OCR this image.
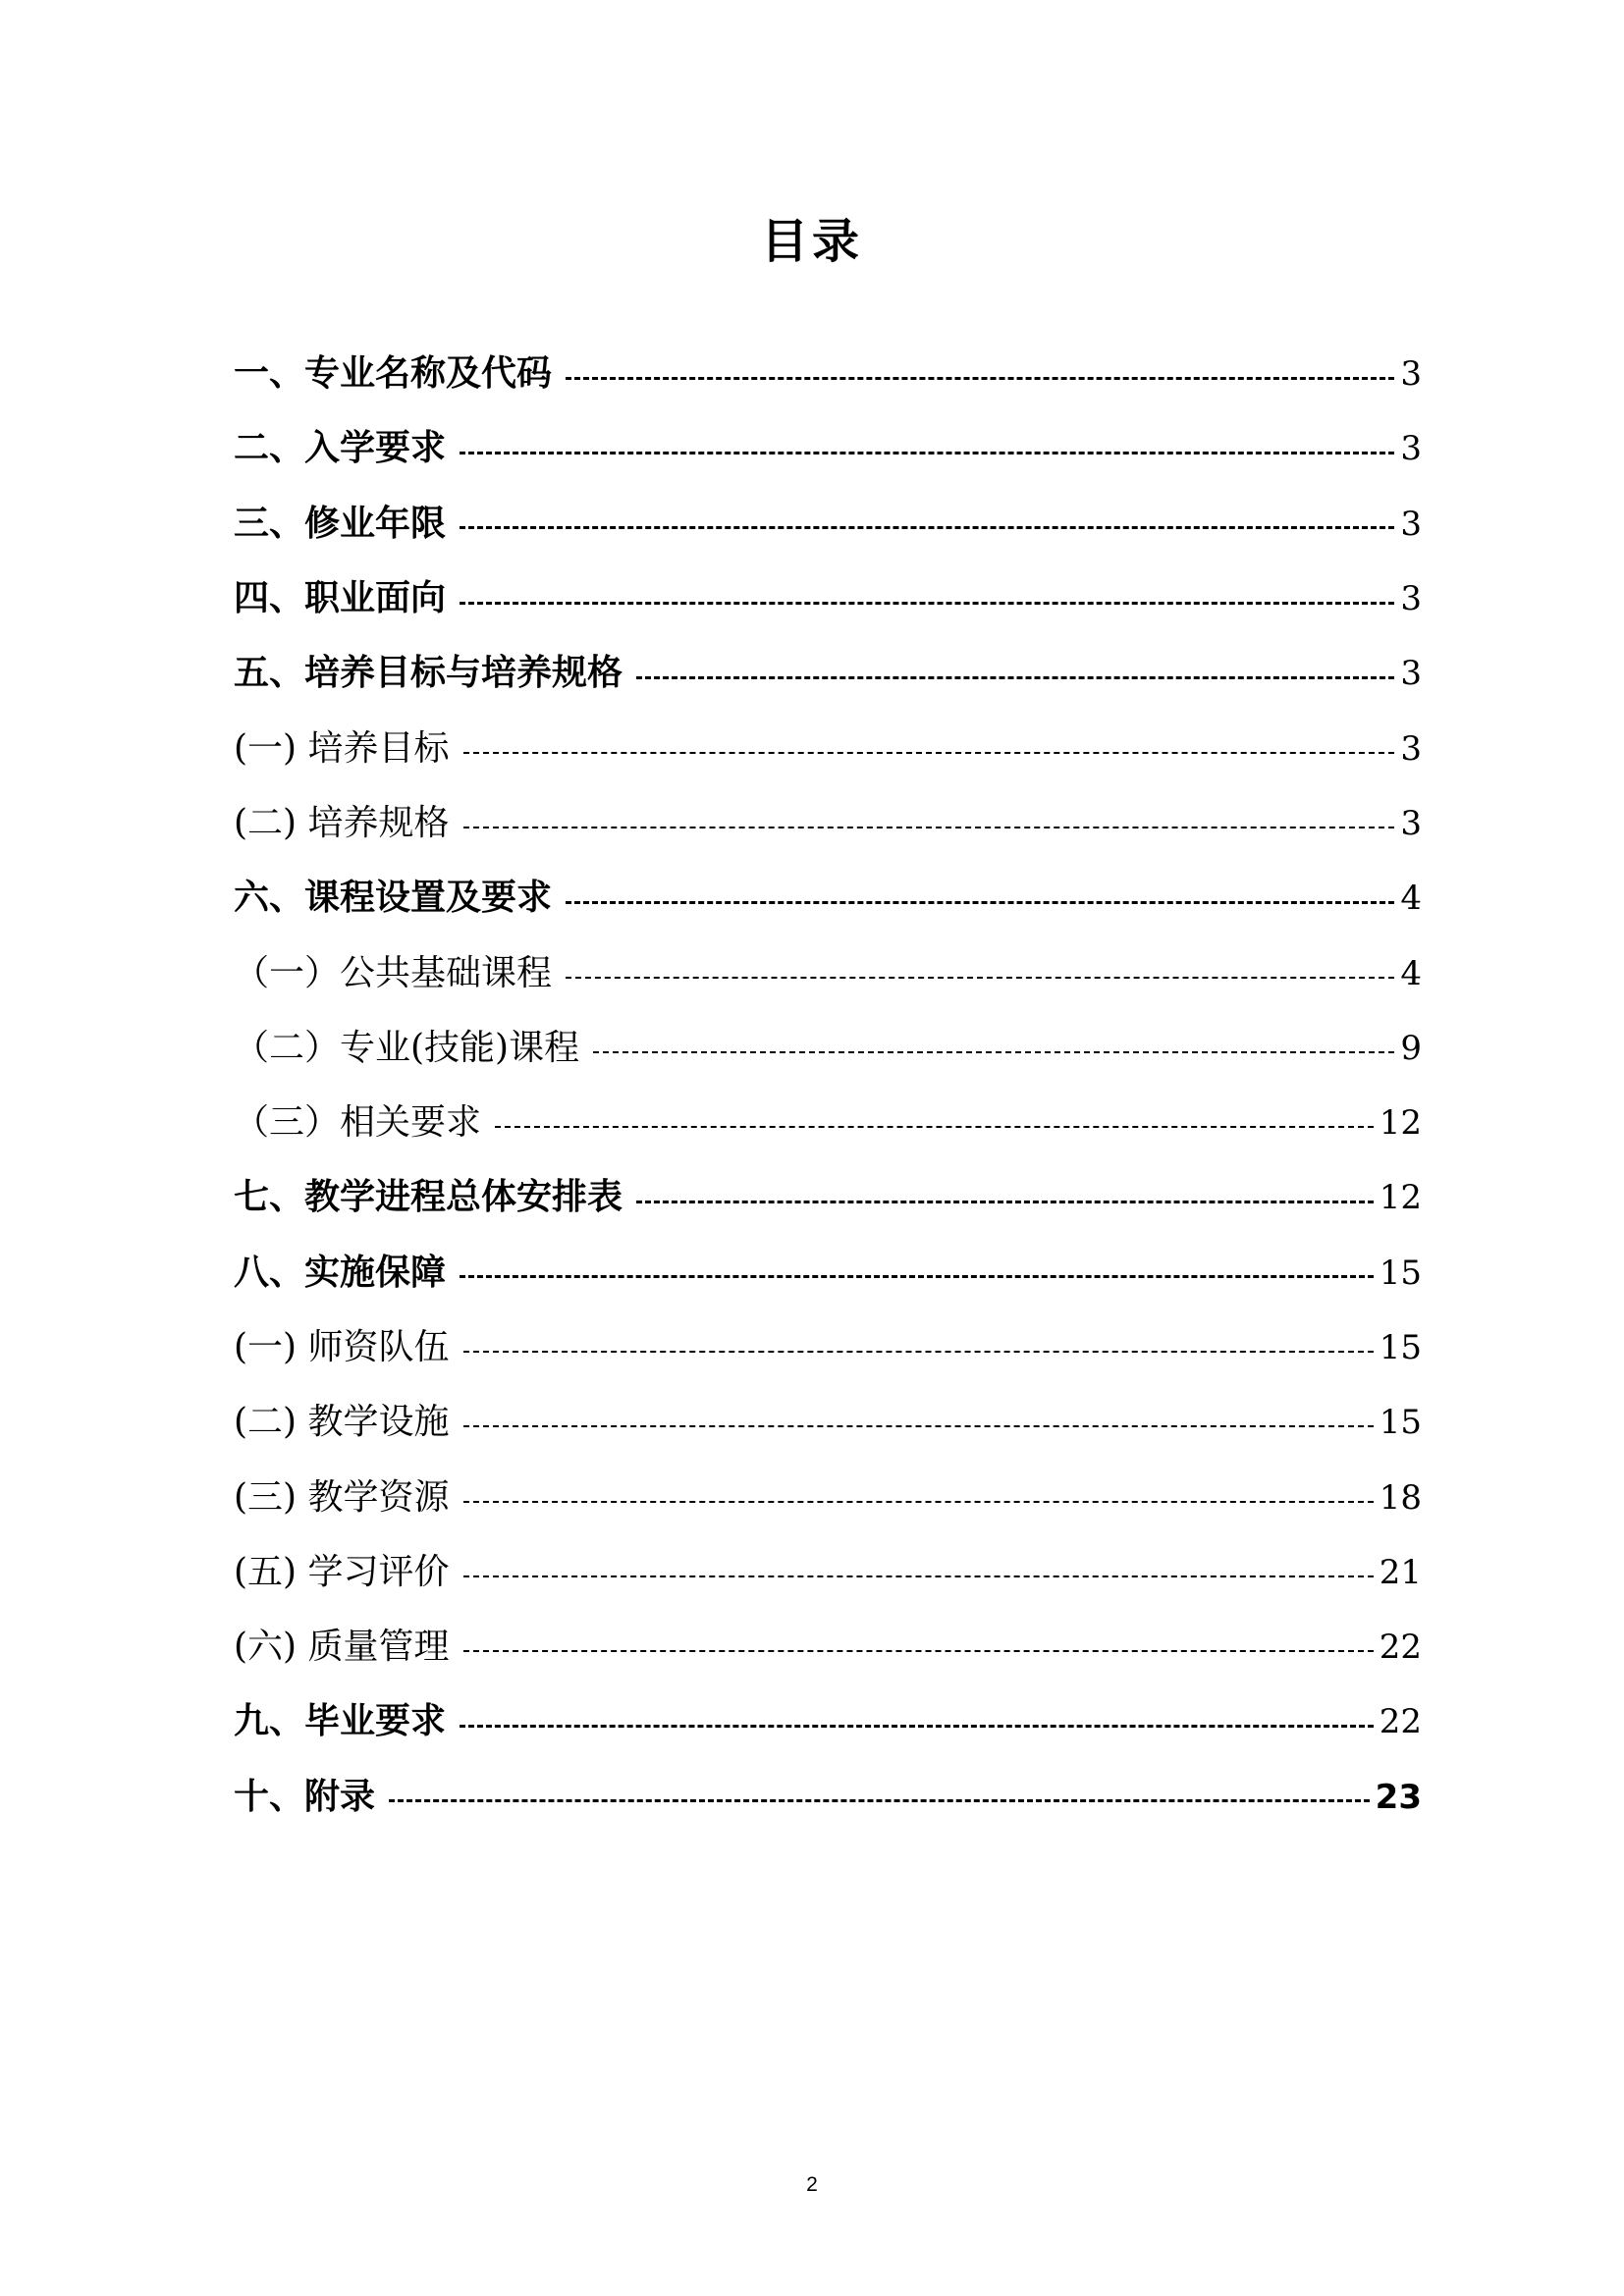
目录
一、专业名称及代码	3
二、入学要求	3
三、修业年限	3
四、职业面向	3
五、培养目标与培养规格	3
(一) 培养目标	3
(二) 培养规格	3
六、课程设置及要求	4
（一）公共基础课程	4
（二）专业(技能)课程	9
（三）相关要求	12
七、教学进程总体安排表	12
八、实施保障	15
(一) 师资队伍	15
(二) 教学设施	15
(三) 教学资源	18
(五) 学习评价	21
(六) 质量管理	22
九、毕业要求	22
十、附录	23
2
